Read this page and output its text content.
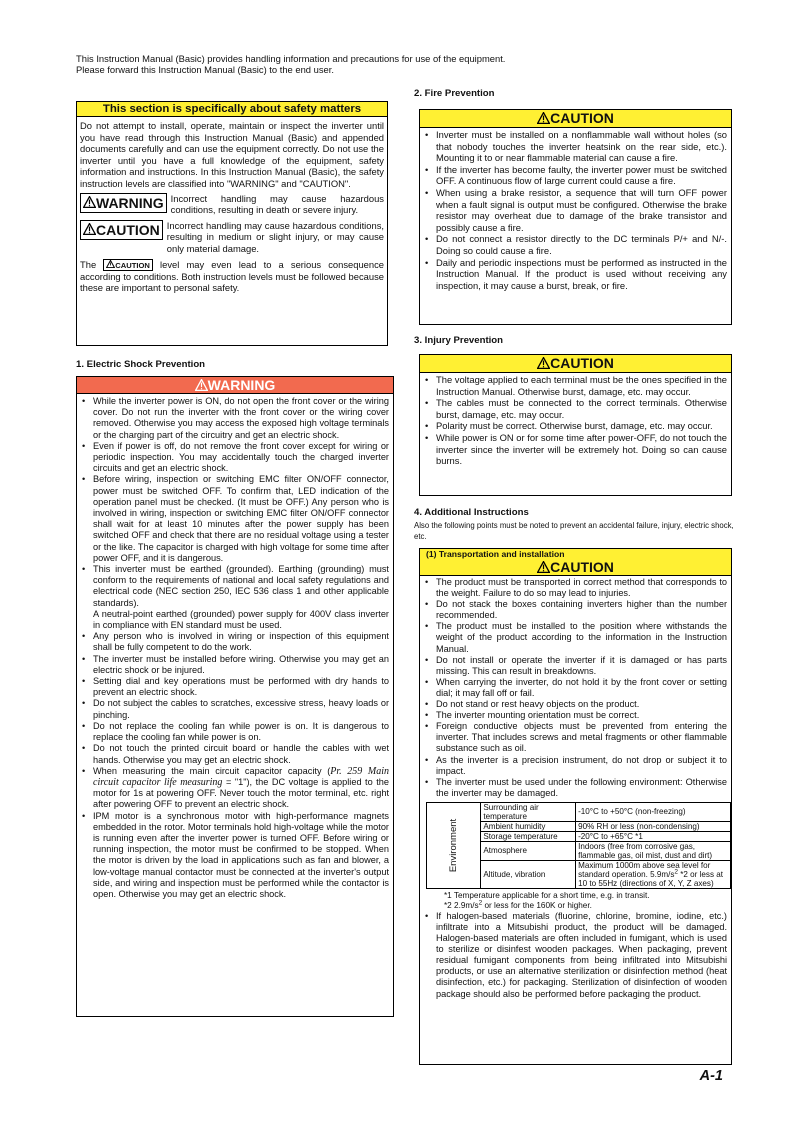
This Instruction Manual (Basic) provides handling information and precautions for use of the equipment.
Please forward this Instruction Manual (Basic) to the end user.
This section is specifically about safety matters
Do not attempt to install, operate, maintain or inspect the inverter until you have read through this Instruction Manual (Basic) and appended documents carefully and can use the equipment correctly. Do not use the inverter until you have a full knowledge of the equipment, safety information and instructions. In this Instruction Manual (Basic), the safety instruction levels are classified into "WARNING" and "CAUTION".
WARNING Incorrect handling may cause hazardous conditions, resulting in death or severe injury.
CAUTION Incorrect handling may cause hazardous conditions, resulting in medium or slight injury, or may cause only material damage.
The	CAUTION level may even lead to a serious consequence according to conditions. Both instruction levels must be followed because these are important to personal safety.
1. Electric Shock Prevention
WARNING
• While the inverter power is ON, do not open the front cover or the wiring cover. Do not run the inverter with the front cover or the wiring cover removed. Otherwise you may access the exposed high voltage terminals or the charging part of the circuitry and get an electric shock.
• Even if power is off, do not remove the front cover except for wiring or periodic inspection. You may accidentally touch the charged inverter circuits and get an electric shock.
• Before wiring, inspection or switching EMC filter ON/OFF connector, power must be switched OFF. To confirm that, LED indication of the operation panel must be checked. (It must be OFF.) Any person who is involved in wiring, inspection or switching EMC filter ON/OFF connector shall wait for at least 10 minutes after the power supply has been switched OFF and check that there are no residual voltage using a tester or the like. The capacitor is charged with high voltage for some time after power OFF, and it is dangerous.
• This inverter must be earthed (grounded). Earthing (grounding) must conform to the requirements of national and local safety regulations and electrical code (NEC section 250, IEC 536 class 1 and other applicable standards).
A neutral-point earthed (grounded) power supply for 400V class inverter in compliance with EN standard must be used.
• Any person who is involved in wiring or inspection of this equipment shall be fully competent to do the work.
• The inverter must be installed before wiring. Otherwise you may get an electric shock or be injured.
• Setting dial and key operations must be performed with dry hands to prevent an electric shock.
• Do not subject the cables to scratches, excessive stress, heavy loads or pinching.
• Do not replace the cooling fan while power is on. It is dangerous to replace the cooling fan while power is on.
• Do not touch the printed circuit board or handle the cables with wet hands. Otherwise you may get an electric shock.
• When measuring the main circuit capacitor capacity (Pr. 259 Main circuit capacitor life measuring = "1"), the DC voltage is applied to the motor for 1s at powering OFF. Never touch the motor terminal, etc. right after powering OFF to prevent an electric shock.
• IPM motor is a synchronous motor with high-performance magnets embedded in the rotor. Motor terminals hold high-voltage while the motor is running even after the inverter power is turned OFF. Before wiring or running inspection, the motor must be confirmed to be stopped. When the motor is driven by the load in applications such as fan and blower, a low-voltage manual contactor must be connected at the inverter's output side, and wiring and inspection must be performed while the contactor is open. Otherwise you may get an electric shock.
2. Fire Prevention
CAUTION
• Inverter must be installed on a nonflammable wall without holes (so that nobody touches the inverter heatsink on the rear side, etc.). Mounting it to or near flammable material can cause a fire.
• If the inverter has become faulty, the inverter power must be switched OFF. A continuous flow of large current could cause a fire.
• When using a brake resistor, a sequence that will turn OFF power when a fault signal is output must be configured. Otherwise the brake resistor may overheat due to damage of the brake transistor and possibly cause a fire.
• Do not connect a resistor directly to the DC terminals P/+ and N/-. Doing so could cause a fire.
• Daily and periodic inspections must be performed as instructed in the Instruction Manual. If the product is used without receiving any inspection, it may cause a burst, break, or fire.
3. Injury Prevention
CAUTION
• The voltage applied to each terminal must be the ones specified in the Instruction Manual. Otherwise burst, damage, etc. may occur.
• The cables must be connected to the correct terminals. Otherwise burst, damage, etc. may occur.
• Polarity must be correct. Otherwise burst, damage, etc. may occur.
• While power is ON or for some time after power-OFF, do not touch the inverter since the inverter will be extremely hot. Doing so can cause burns.
4. Additional Instructions
Also the following points must be noted to prevent an accidental failure, injury, electric shock, etc.
(1) Transportation and installation
CAUTION
• The product must be transported in correct method that corresponds to the weight. Failure to do so may lead to injuries.
• Do not stack the boxes containing inverters higher than the number recommended.
• The product must be installed to the position where withstands the weight of the product according to the information in the Instruction Manual.
• Do not install or operate the inverter if it is damaged or has parts missing. This can result in breakdowns.
• When carrying the inverter, do not hold it by the front cover or setting dial; it may fall off or fail.
• Do not stand or rest heavy objects on the product.
• The inverter mounting orientation must be correct.
• Foreign conductive objects must be prevented from entering the inverter. That includes screws and metal fragments or other flammable substance such as oil.
• As the inverter is a precision instrument, do not drop or subject it to impact.
• The inverter must be used under the following environment: Otherwise the inverter may be damaged.
Environment	Surrounding air temperature	-10°C to +50°C (non-freezing)
	Ambient humidity	90% RH or less (non-condensing)
	Storage temperature	-20°C to +65°C *1
	Atmosphere	Indoors (free from corrosive gas, flammable gas, oil mist, dust and dirt)
	Altitude, vibration	Maximum 1000m above sea level for standard operation. $5.9m/s^2$ *2 or less at 10 to 55Hz (directions of X, Y, Z axes)
*1 Temperature applicable for a short time, e.g. in transit.
*2 $2.9m/s^2$ or less for the 160K or higher.
• If halogen-based materials (fluorine, chlorine, bromine, iodine, etc.) infiltrate into a Mitsubishi product, the product will be damaged. Halogen-based materials are often included in fumigant, which is used to sterilize or disinfest wooden packages. When packaging, prevent residual fumigant components from being infiltrated into Mitsubishi products, or use an alternative sterilization or disinfection method (heat disinfection, etc.) for packaging. Sterilization of disinfection of wooden package should also be performed before packaging the product.
A-1
